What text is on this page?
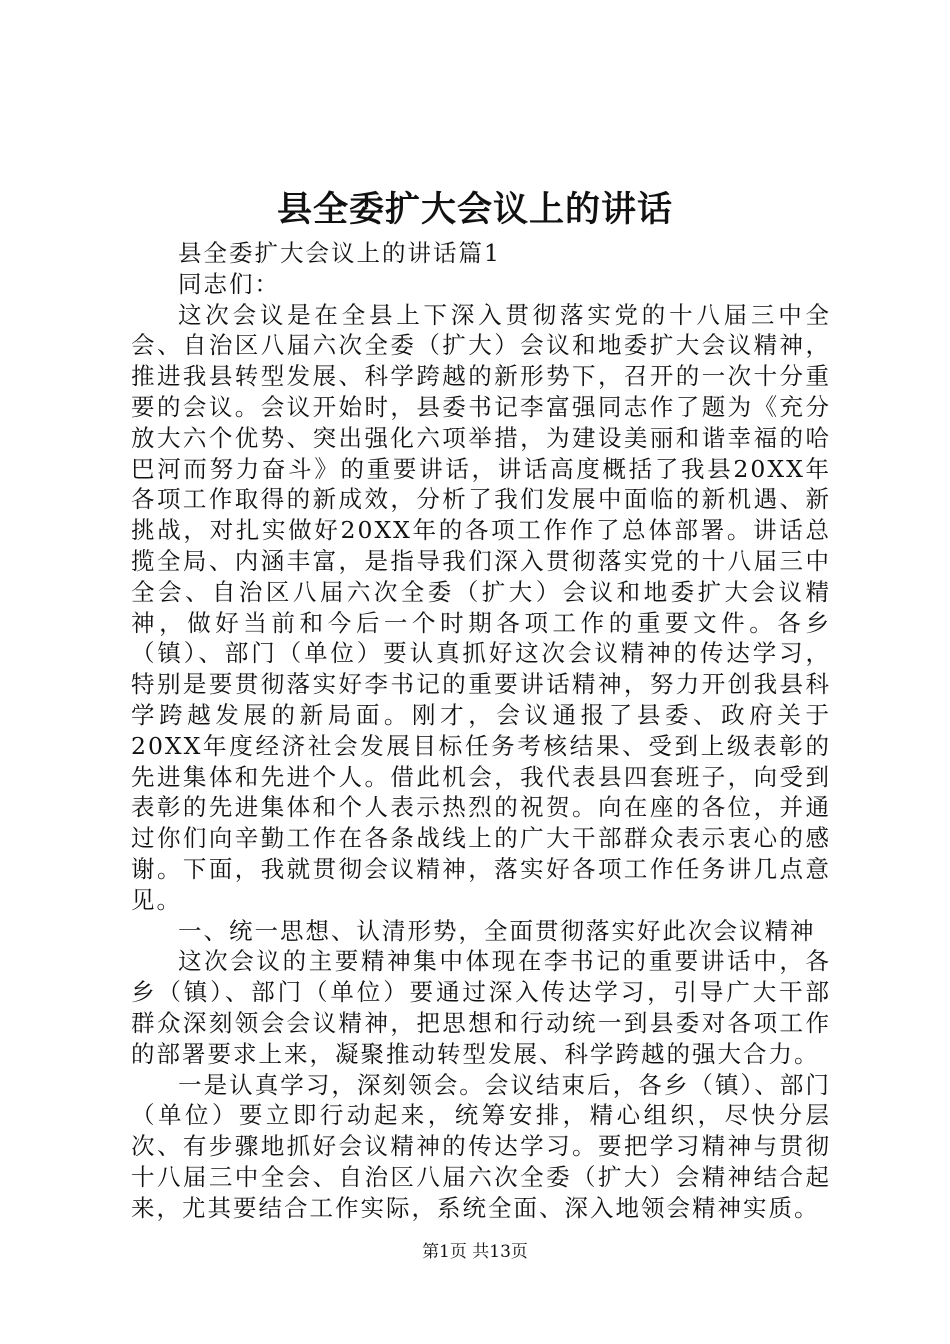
县全委扩大会议上的讲话

县全委扩大会议上的讲话篇1

同志们：

这次会议是在全县上下深入贯彻落实党的十八届三中全会、自治区八届六次全委（扩大）会议和地委扩大会议精神，推进我县转型发展、科学跨越的新形势下，召开的一次十分重要的会议。会议开始时，县委书记李富强同志作了题为《充分放大六个优势、突出强化六项举措，为建设美丽和谐幸福的哈巴河而努力奋斗》的重要讲话，讲话高度概括了我县20XX年各项工作取得的新成效，分析了我们发展中面临的新机遇、新挑战，对扎实做好20XX年的各项工作作了总体部署。讲话总揽全局、内涵丰富，是指导我们深入贯彻落实党的十八届三中全会、自治区八届六次全委（扩大）会议和地委扩大会议精神，做好当前和今后一个时期各项工作的重要文件。各乡（镇）、部门（单位）要认真抓好这次会议精神的传达学习，特别是要贯彻落实好李书记的重要讲话精神，努力开创我县科学跨越发展的新局面。刚才，会议通报了县委、政府关于20XX年度经济社会发展目标任务考核结果、受到上级表彰的先进集体和先进个人。借此机会，我代表县四套班子，向受到表彰的先进集体和个人表示热烈的祝贺。向在座的各位，并通过你们向辛勤工作在各条战线上的广大干部群众表示衷心的感谢。下面，我就贯彻会议精神，落实好各项工作任务讲几点意见。

一、统一思想、认清形势，全面贯彻落实好此次会议精神

这次会议的主要精神集中体现在李书记的重要讲话中，各乡（镇）、部门（单位）要通过深入传达学习，引导广大干部群众深刻领会会议精神，把思想和行动统一到县委对各项工作的部署要求上来，凝聚推动转型发展、科学跨越的强大合力。

一是认真学习，深刻领会。会议结束后，各乡（镇）、部门（单位）要立即行动起来，统筹安排，精心组织，尽快分层次、有步骤地抓好会议精神的传达学习。要把学习精神与贯彻十八届三中全会、自治区八届六次全委（扩大）会精神结合起来，尤其要结合工作实际，系统全面、深入地领会精神实质。

第1页 共13页
